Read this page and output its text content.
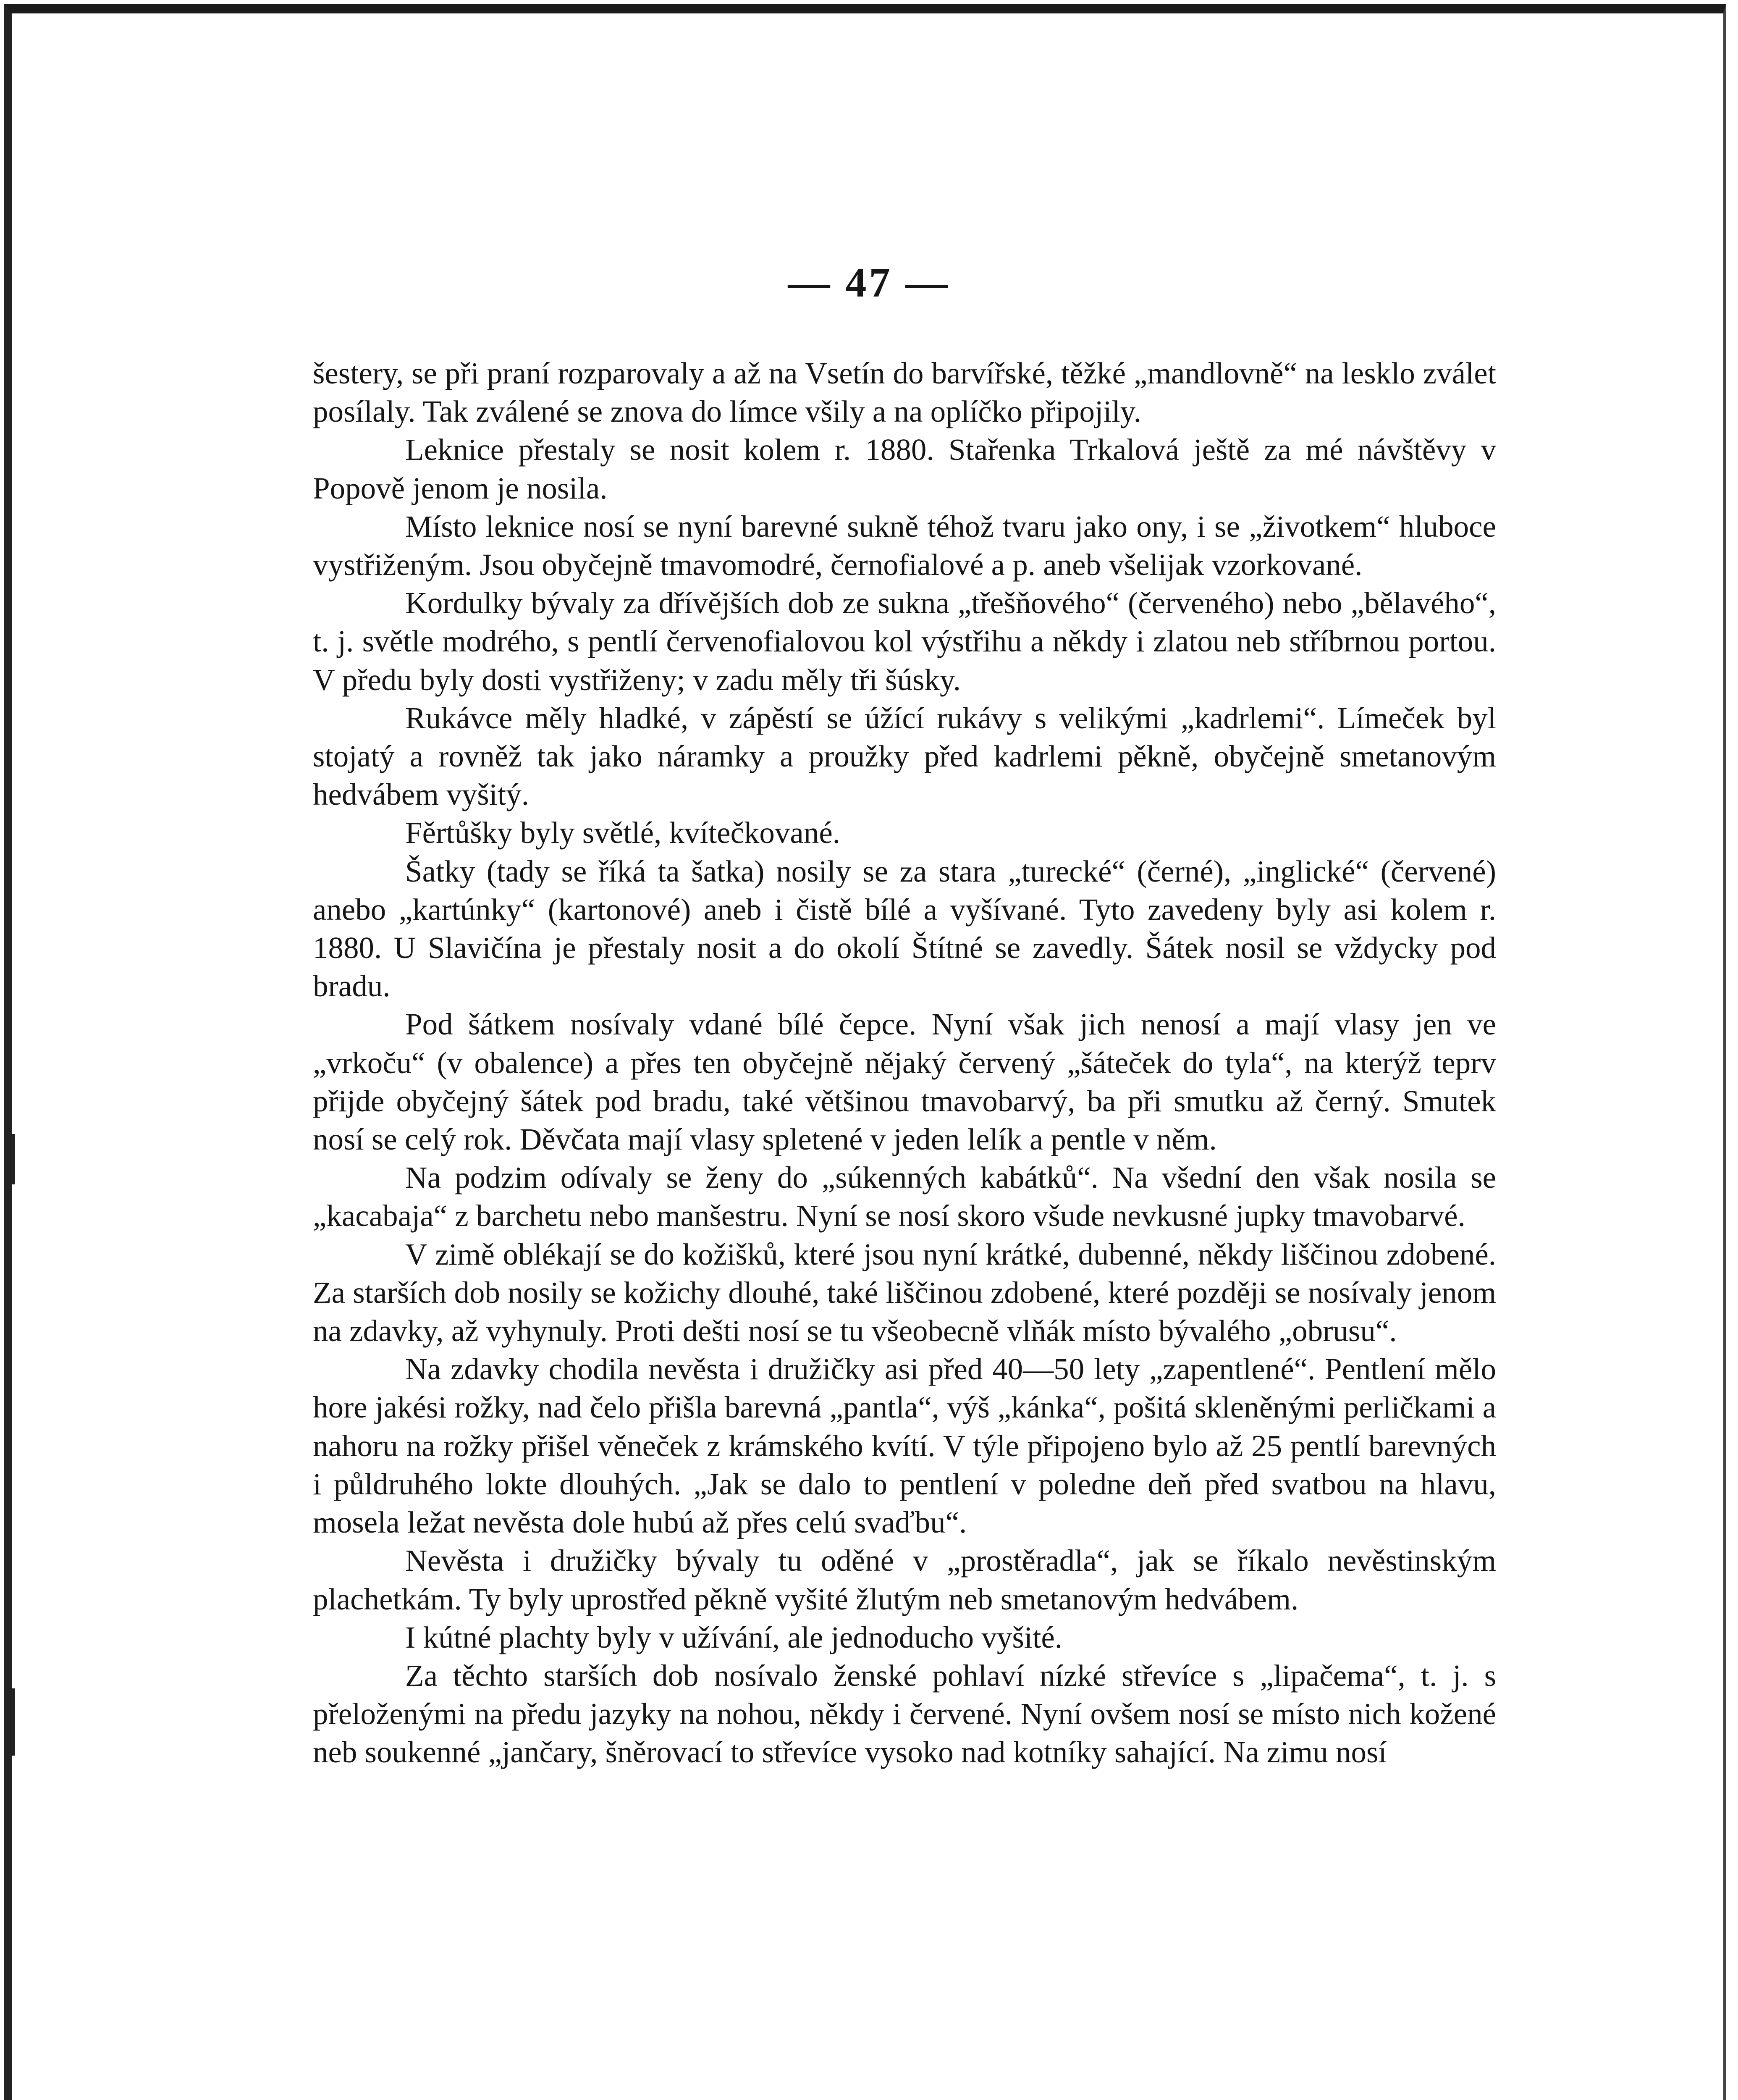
— 47 —

šestery, se při praní rozparovaly a až na Vsetín do barvířské, těžké „mandlovně“ na lesklo zválet posílaly. Tak zválené se znova do límce všily a na oplíčko připojily.

Leknice přestaly se nosit kolem r. 1880. Stařenka Trkalová ještě za mé návštěvy v Popově jenom je nosila.

Místo leknice nosí se nyní barevné sukně téhož tvaru jako ony, i se „životkem“ hluboce vystřiženým. Jsou obyčejně tmavomodré, černofialové a p. aneb všelijak vzorkované.

Kordulky bývaly za dřívějších dob ze sukna „třešňového“ (červeného) nebo „bělavého“, t. j. světle modrého, s pentlí červenofialovou kol výstřihu a někdy i zlatou neb stříbrnou portou. V předu byly dosti vystřiženy; v zadu měly tři šúsky.

Rukávce měly hladké, v zápěstí se úžící rukávy s velikými „kadrlemi“. Límeček byl stojatý a rovněž tak jako náramky a proužky před kadrlemi pěkně, obyčejně smetanovým hedvábem vyšitý.

Fěrtůšky byly světlé, kvítečkované.

Šatky (tady se říká ta šatka) nosily se za stara „turecké“ (černé), „inglické“ (červené) anebo „kartúnky“ (kartonové) aneb i čistě bílé a vyšívané. Tyto zavedeny byly asi kolem r. 1880. U Slavičína je přestaly nosit a do okolí Štítné se zavedly. Šátek nosil se vždycky pod bradu.

Pod šátkem nosívaly vdané bílé čepce. Nyní však jich nenosí a mají vlasy jen ve „vrkoču“ (v obalence) a přes ten obyčejně nějaký červený „šáteček do tyla“, na kterýž teprv přijde obyčejný šátek pod bradu, také většinou tmavobarvý, ba při smutku až černý. Smutek nosí se celý rok. Děvčata mají vlasy spletené v jeden lelík a pentle v něm.

Na podzim odívaly se ženy do „súkenných kabátků“. Na všední den však nosila se „kacabaja“ z barchetu nebo manšestru. Nyní se nosí skoro všude nevkusné jupky tmavobarvé.

V zimě oblékají se do kožišků, které jsou nyní krátké, dubenné, někdy liščinou zdobené. Za starších dob nosily se kožichy dlouhé, také liščinou zdobené, které později se nosívaly jenom na zdavky, až vyhynuly. Proti dešti nosí se tu všeobecně vlňák místo bývalého „obrusu“.

Na zdavky chodila nevěsta i družičky asi před 40—50 lety „zapentlené“. Pentlení mělo hore jakési rožky, nad čelo přišla barevná „pantla“, výš „kánka“, pošitá skleněnými perličkami a nahoru na rožky přišel věneček z krámského kvítí. V týle připojeno bylo až 25 pentlí barevných i půldruhého lokte dlouhých. „Jak se dalo to pentlení v poledne deň před svatbou na hlavu, mosela ležat nevěsta dole hubú až přes celú svaďbu“.

Nevěsta i družičky bývaly tu oděné v „prostěradla“, jak se říkalo nevěstinským plachetkám. Ty byly uprostřed pěkně vyšité žlutým neb smetanovým hedvábem.

I kútné plachty byly v užívání, ale jednoducho vyšité.

Za těchto starších dob nosívalo ženské pohlaví nízké střevíce s „lipačema“, t. j. s přeloženými na předu jazyky na nohou, někdy i červené. Nyní ovšem nosí se místo nich kožené neb soukenné „jančary, šněrovací to střevíce vysoko nad kotníky sahající. Na zimu nosí
